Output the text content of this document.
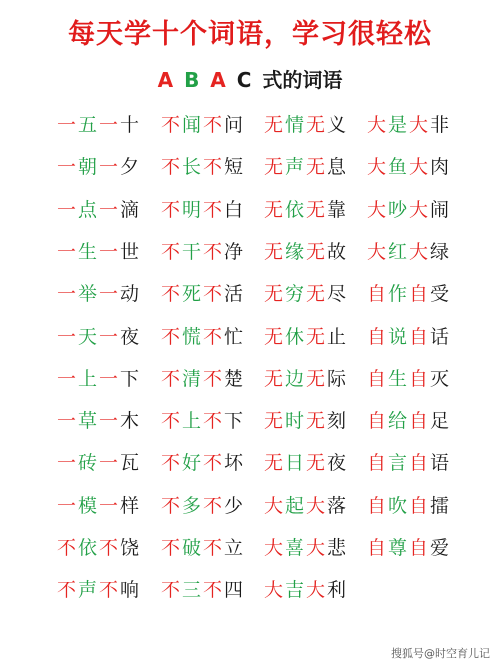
每天学十个词语，学习很轻松
A B A C 式的词语
一 五 一 十
一 朝 一 夕
一 点 一 滴
一 生 一 世
一 举 一 动
一 天 一 夜
一 上 一 下
一 草 一 木
一 砖 一 瓦
一 模 一 样
不 依 不 饶
不 声 不 响
不 闻 不 问
不 长 不 短
不 明 不 白
不 干 不 净
不 死 不 活
不 慌 不 忙
不 清 不 楚
不 上 不 下
不 好 不 坏
不 多 不 少
不 破 不 立
不 三 不 四
无 情 无 义
无 声 无 息
无 依 无 靠
无 缘 无 故
无 穷 无 尽
无 休 无 止
无 边 无 际
无 时 无 刻
无 日 无 夜
大 起 大 落
大 喜 大 悲
大 吉 大 利
大 是 大 非
大 鱼 大 肉
大 吵 大 闹
大 红 大 绿
自 作 自 受
自 说 自 话
自 生 自 灭
自 给 自 足
自 言 自 语
自 吹 自 擂
自 尊 自 爱
搜狐号@时空育儿记
